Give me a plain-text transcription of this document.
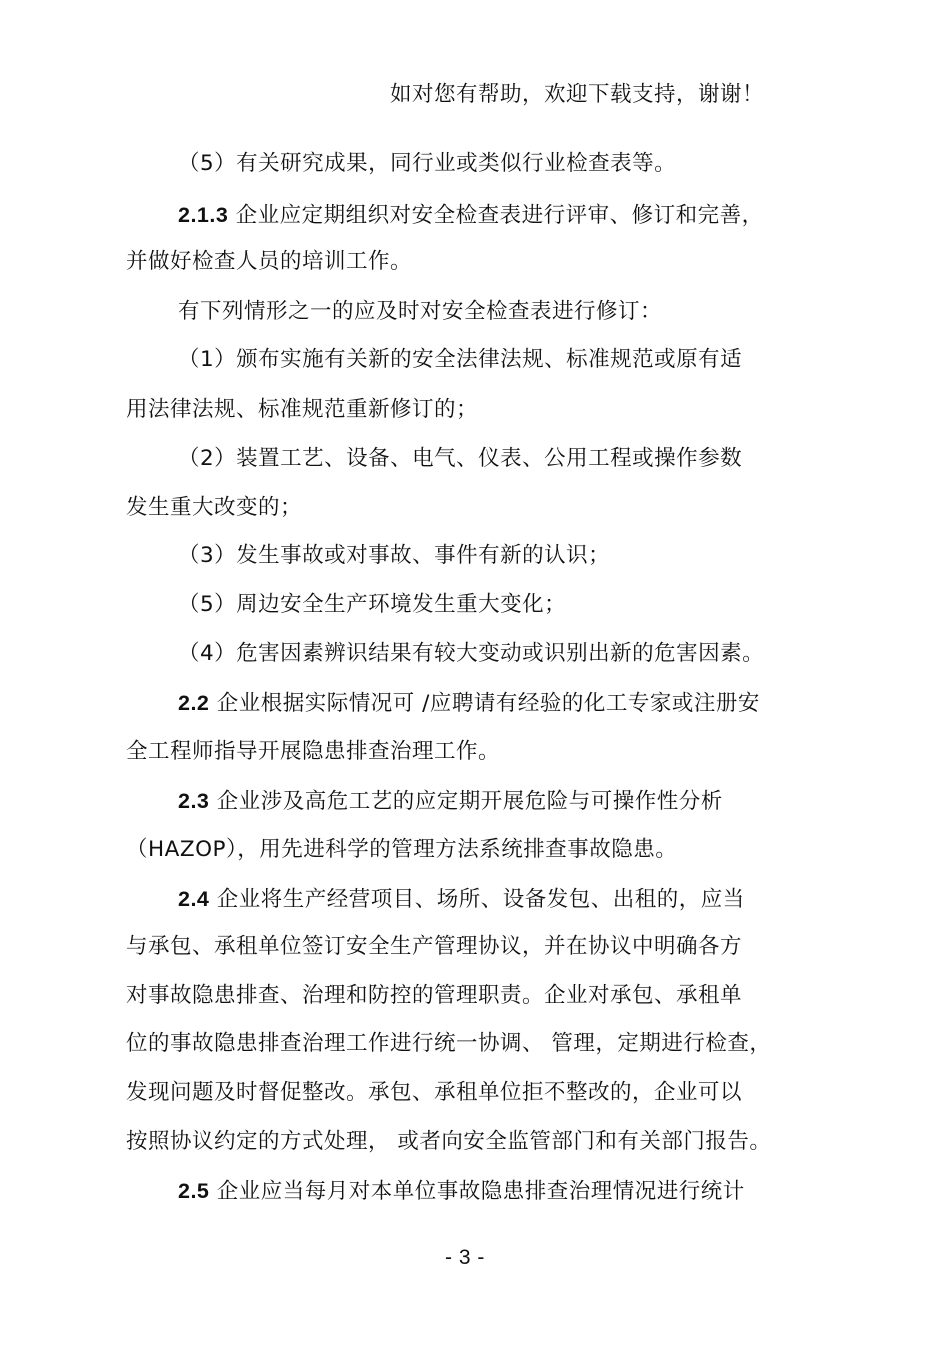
如对您有帮助，欢迎下载支持，谢谢！
（5）有关研究成果，同行业或类似行业检查表等。
2.1.3 企业应定期组织对安全检查表进行评审、修订和完善，
并做好检查人员的培训工作。
有下列情形之一的应及时对安全检查表进行修订：
（1）颁布实施有关新的安全法律法规、标准规范或原有适
用法律法规、标准规范重新修订的；
（2）装置工艺、设备、电气、仪表、公用工程或操作参数
发生重大改变的；
（3）发生事故或对事故、事件有新的认识；
（5）周边安全生产环境发生重大变化；
（4）危害因素辨识结果有较大变动或识别出新的危害因素。
2.2 企业根据实际情况可 /应聘请有经验的化工专家或注册安
全工程师指导开展隐患排查治理工作。
2.3 企业涉及高危工艺的应定期开展危险与可操作性分析
（HAZOP），用先进科学的管理方法系统排查事故隐患。
2.4 企业将生产经营项目、场所、设备发包、出租的，应当
与承包、承租单位签订安全生产管理协议，并在协议中明确各方
对事故隐患排查、治理和防控的管理职责。企业对承包、承租单
位的事故隐患排查治理工作进行统一协调、 管理，定期进行检查，
发现问题及时督促整改。承包、承租单位拒不整改的，企业可以
按照协议约定的方式处理， 或者向安全监管部门和有关部门报告。
2.5 企业应当每月对本单位事故隐患排查治理情况进行统计
- 3 -
